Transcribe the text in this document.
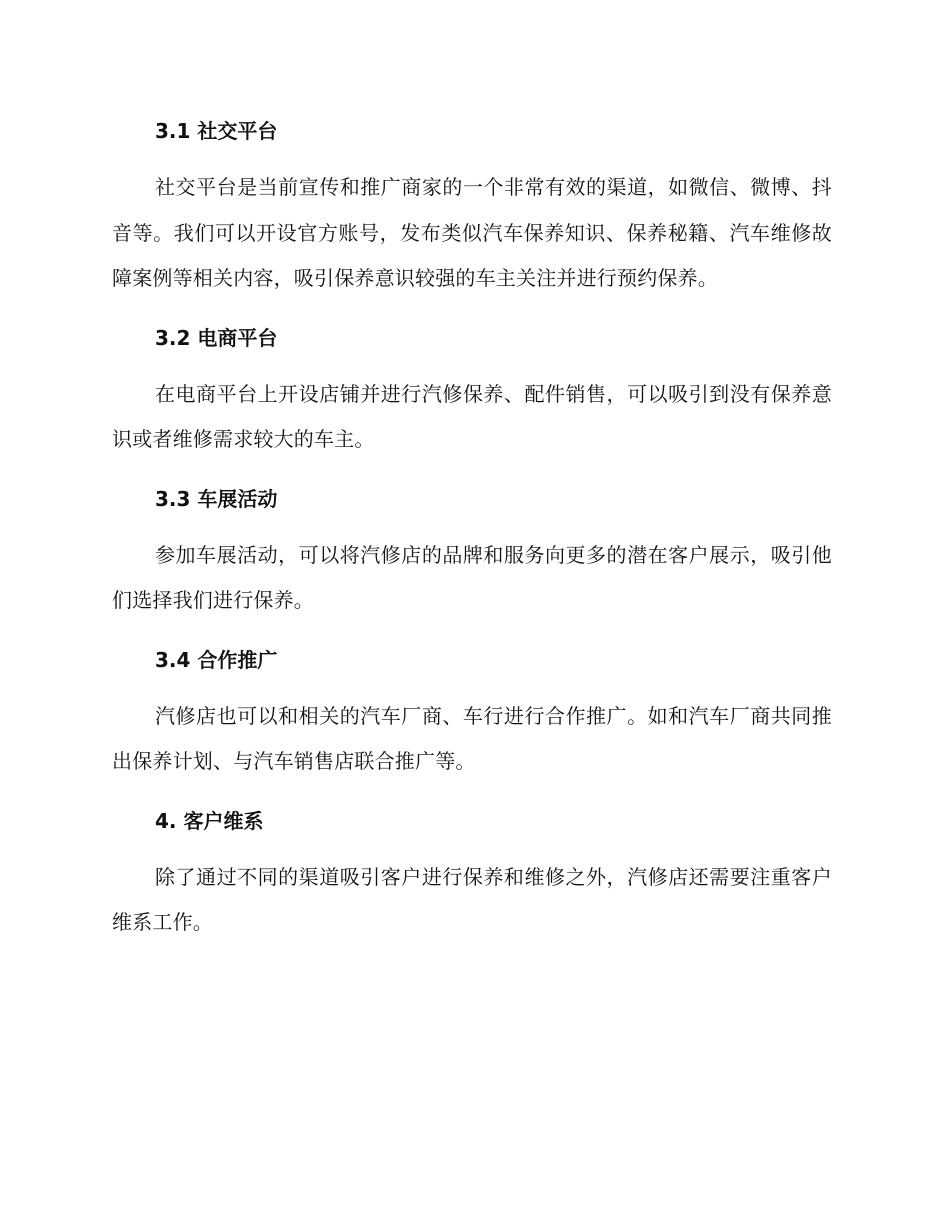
3.1 社交平台

社交平台是当前宣传和推广商家的一个非常有效的渠道，如微信、微博、抖音等。我们可以开设官方账号，发布类似汽车保养知识、保养秘籍、汽车维修故障案例等相关内容，吸引保养意识较强的车主关注并进行预约保养。

3.2 电商平台

在电商平台上开设店铺并进行汽修保养、配件销售，可以吸引到没有保养意识或者维修需求较大的车主。

3.3 车展活动

参加车展活动，可以将汽修店的品牌和服务向更多的潜在客户展示，吸引他们选择我们进行保养。

3.4 合作推广

汽修店也可以和相关的汽车厂商、车行进行合作推广。如和汽车厂商共同推出保养计划、与汽车销售店联合推广等。

4. 客户维系

除了通过不同的渠道吸引客户进行保养和维修之外，汽修店还需要注重客户维系工作。
